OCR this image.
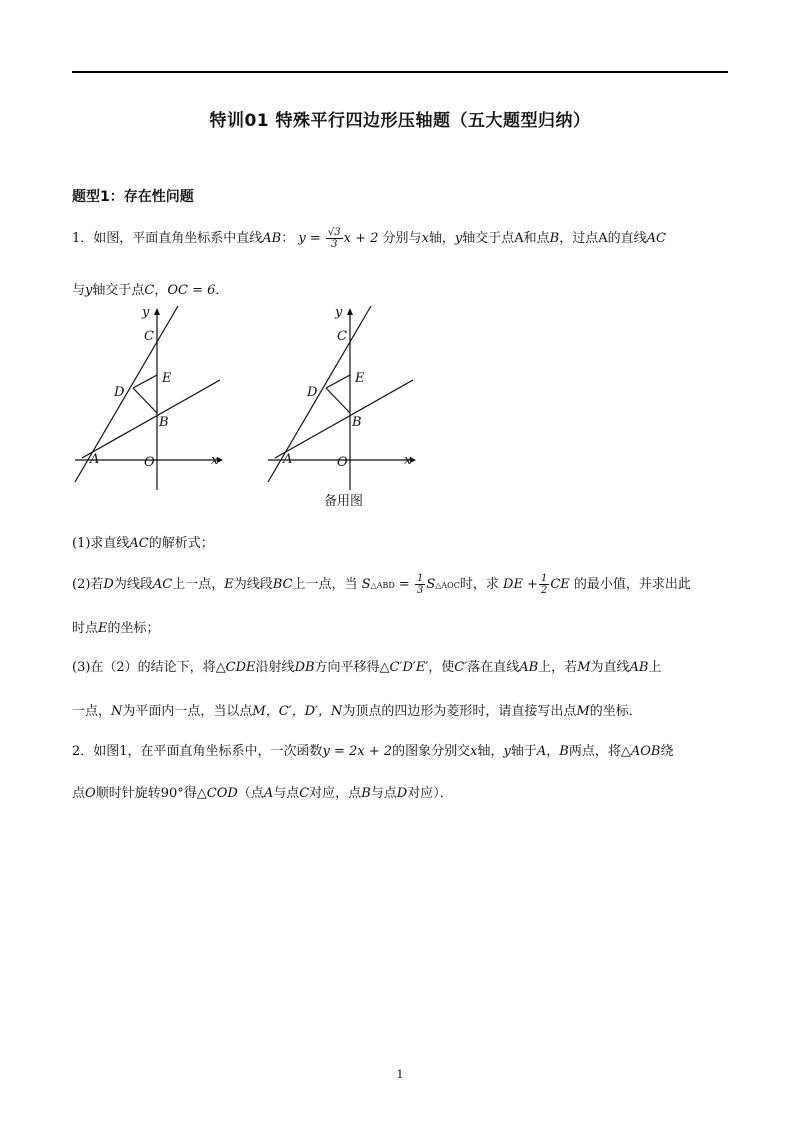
特训01 特殊平行四边形压轴题（五大题型归纳）
题型1：存在性问题
1．如图，平面直角坐标系中直线AB： $y = \frac{√3}{3}$ x + 2 分别与x轴，y轴交于点A和点B，过点A的直线AC
与y轴交于点C，OC = 6．
y
C
E
D
B
A	O	x
y
C
E
D
B
A	O	x
备用图
(1)求直线AC的解析式；
(2)若D为线段AC上一点，E为线段BC上一点，当 S△ABD = $\frac{1}{3}$ S△AOC时，求 DE + $\frac{1}{2}$ CE 的最小值，并求出此
时点E的坐标；
(3)在（2）的结论下，将△CDE沿射线DB方向平移得△C′D′E′，使C′落在直线AB上，若M为直线AB上
一点，N为平面内一点，当以点M，C′，D′，N为顶点的四边形为菱形时，请直接写出点M的坐标．
2．如图1，在平面直角坐标系中，一次函数y = 2x + 2的图象分别交x轴，y轴于A，B两点，将△AOB绕
点O顺时针旋转90°得△COD（点A与点C对应，点B与点D对应）．
1
